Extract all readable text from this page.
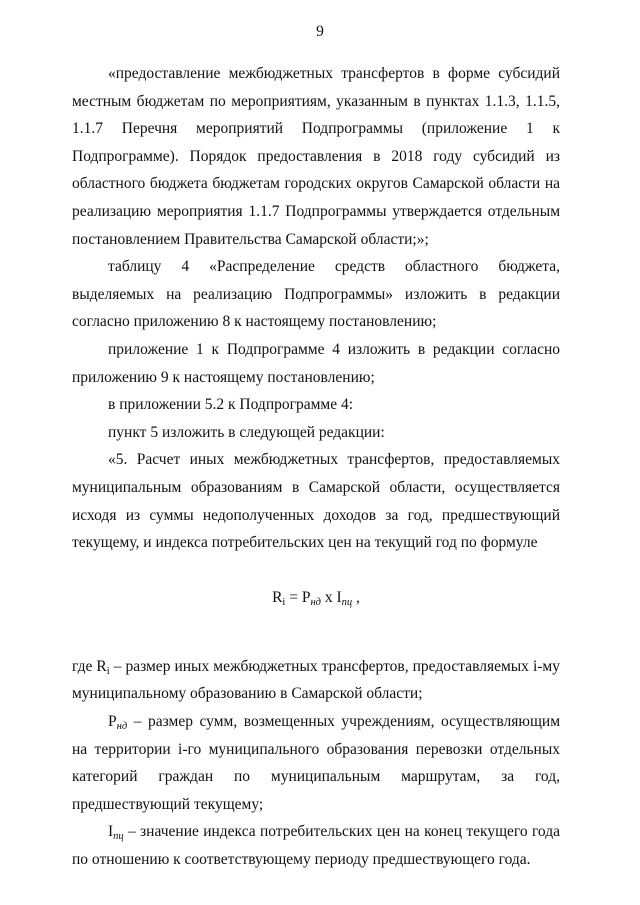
9

«предоставление межбюджетных трансфертов в форме субсидий местным бюджетам по мероприятиям, указанным в пунктах 1.1.3, 1.1.5, 1.1.7 Перечня мероприятий Подпрограммы (приложение 1 к Подпрограмме). Порядок предоставления в 2018 году субсидий из областного бюджета бюджетам городских округов Самарской области на реализацию мероприятия 1.1.7 Подпрограммы утверждается отдельным постановлением Правительства Самарской области;»;

таблицу 4 «Распределение средств областного бюджета, выделяемых на реализацию Подпрограммы» изложить в редакции согласно приложению 8 к настоящему постановлению;

приложение 1 к Подпрограмме 4 изложить в редакции согласно приложению 9 к настоящему постановлению;

в приложении 5.2 к Подпрограмме 4:

пункт 5 изложить в следующей редакции:

«5. Расчет иных межбюджетных трансфертов, предоставляемых муниципальным образованиям в Самарской области, осуществляется исходя из суммы недополученных доходов за год, предшествующий текущему, и индекса потребительских цен на текущий год по формуле

$R_i = P_{нд}$ x $I_{пц}$ ,

где $R_i$ – размер иных межбюджетных трансфертов, предоставляемых i-му муниципальному образованию в Самарской области;

$P_{нд}$ – размер сумм, возмещенных учреждениям, осуществляющим на территории i-го муниципального образования перевозки отдельных категорий граждан по муниципальным маршрутам, за год, предшествующий текущему;

$I_{пц}$ – значение индекса потребительских цен на конец текущего года по отношению к соответствующему периоду предшествующего года.
